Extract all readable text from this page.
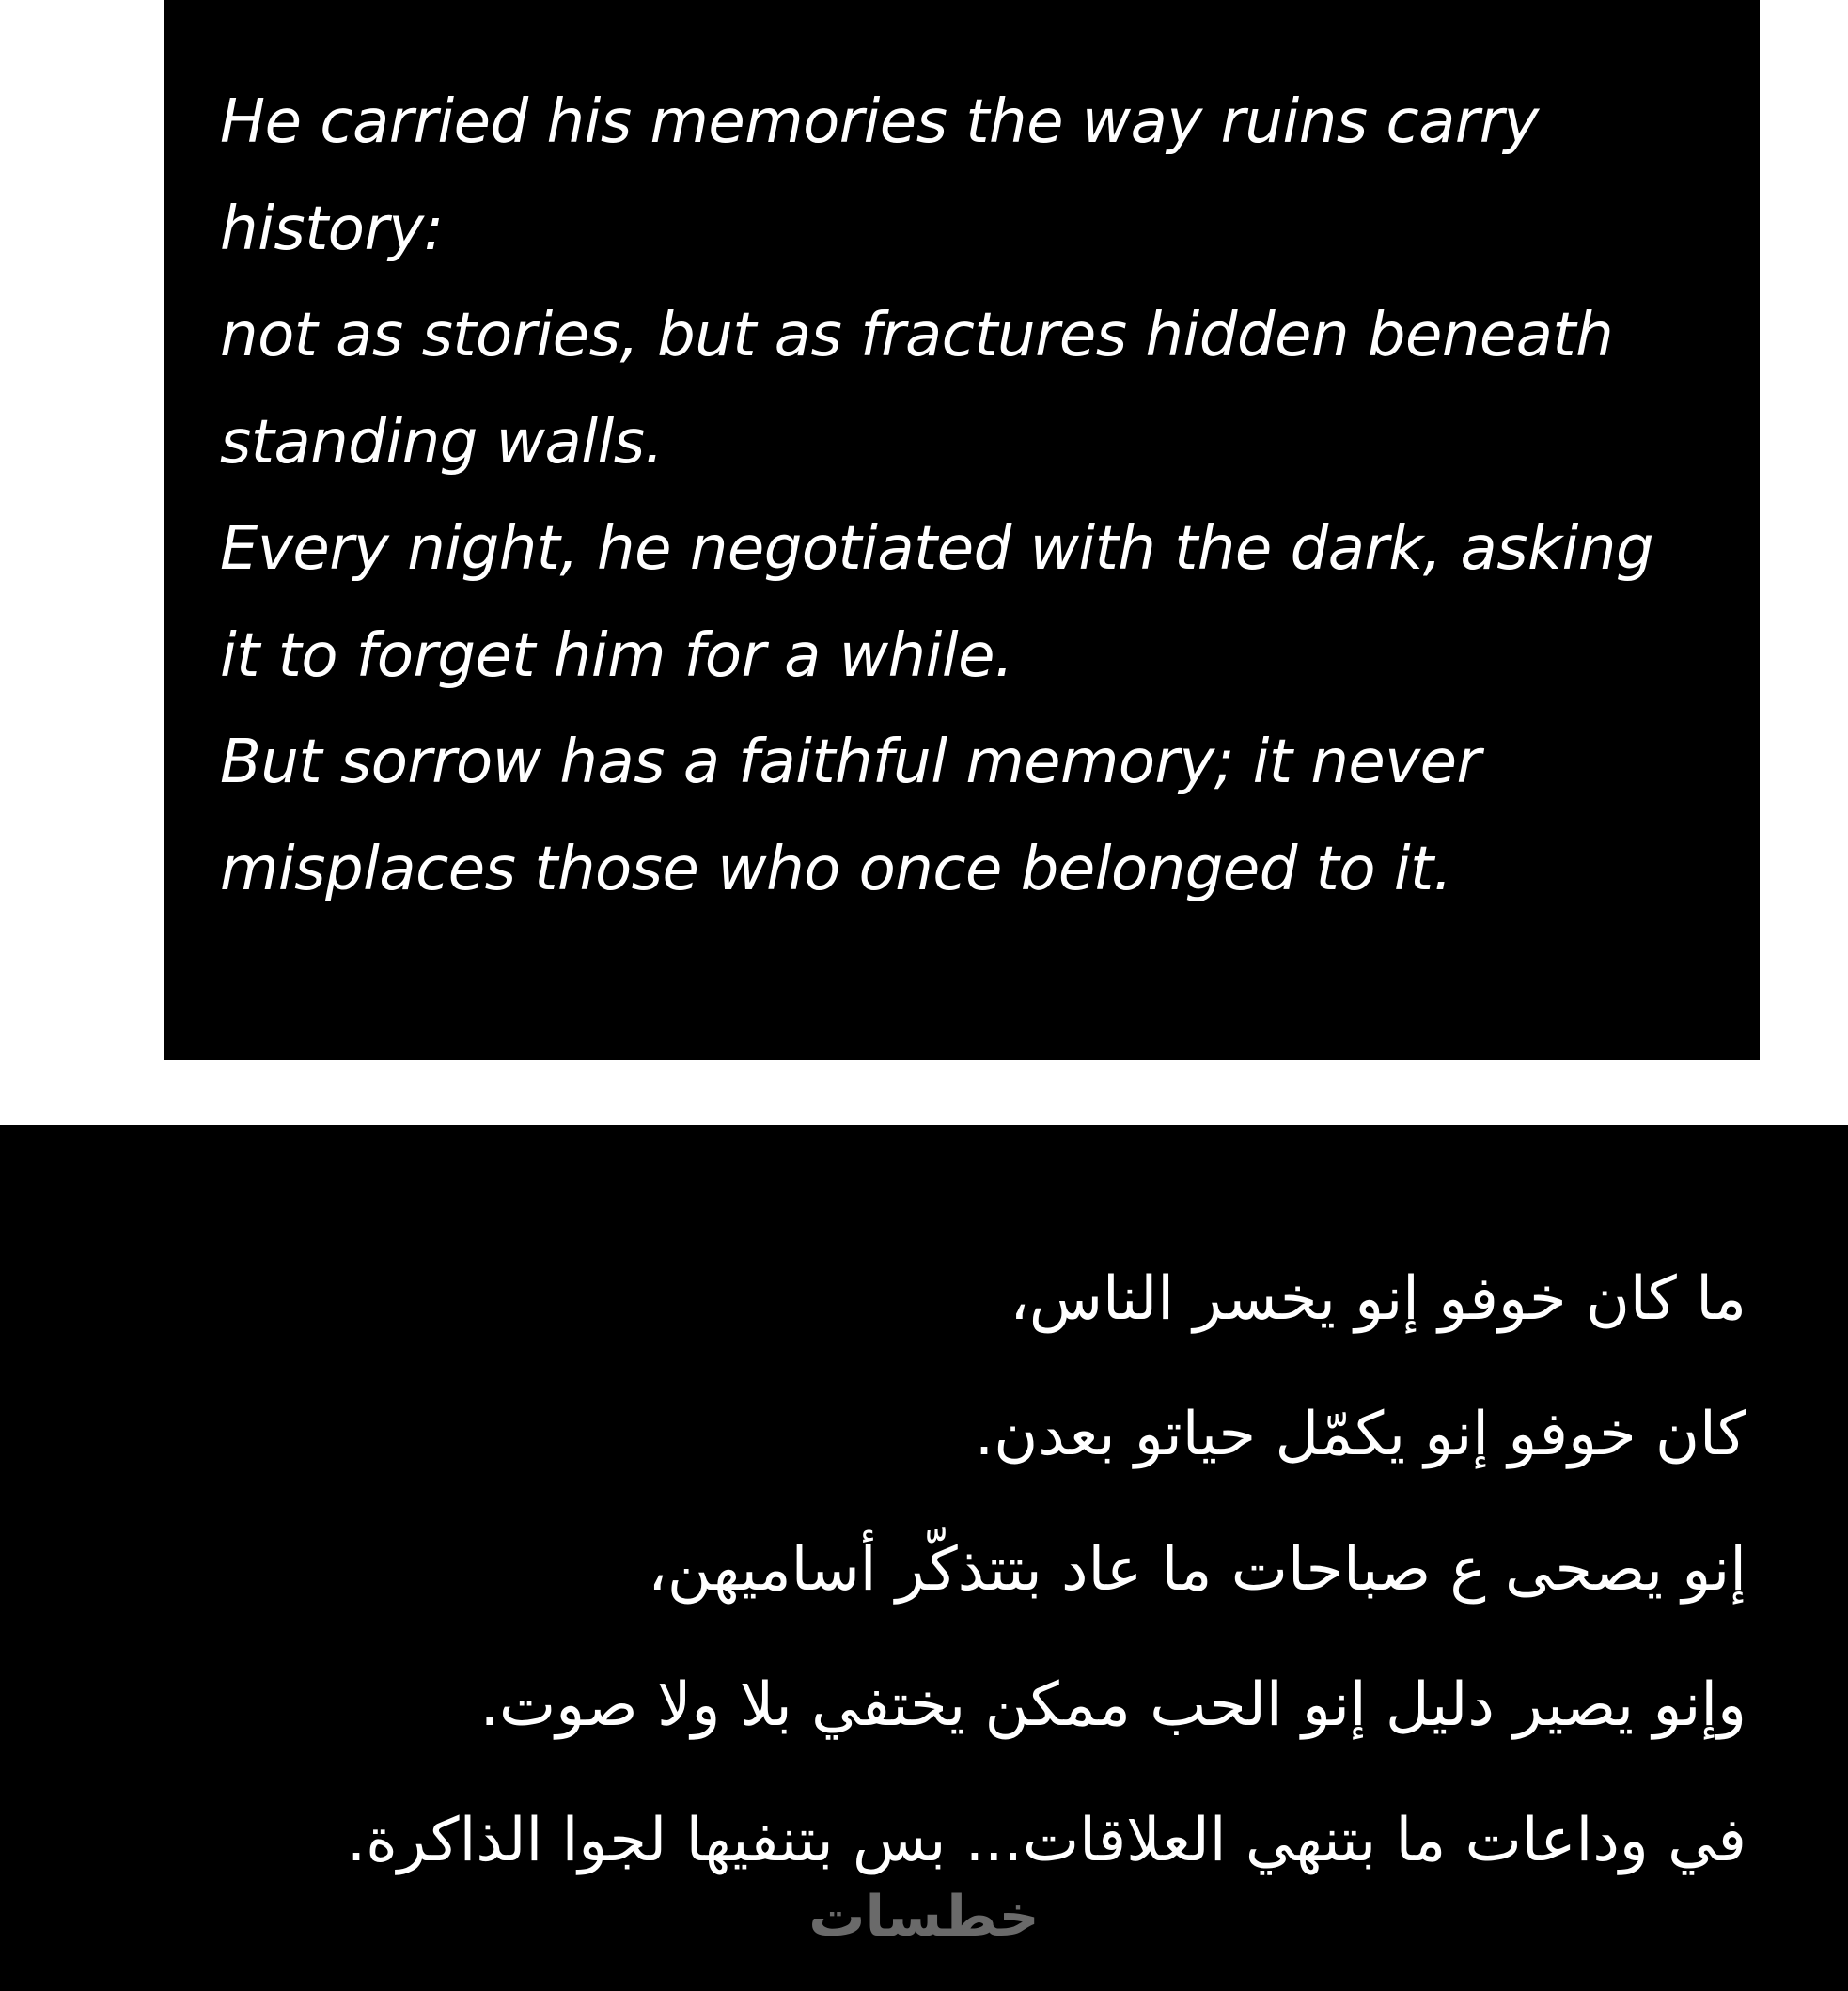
He carried his memories the way ruins carry
history:
not as stories, but as fractures hidden beneath
standing walls.
Every night, he negotiated with the dark, asking
it to forget him for a while.
But sorrow has a faithful memory; it never
misplaces those who once belonged to it.
ما كان خوفو إنو يخسر الناس،
كان خوفو إنو يكمّل حياتو بعدن.
إنو يصحى ع صباحات ما عاد بتتذكّر أساميهن،
وإنو يصير دليل إنو الحب ممكن يختفي بلا ولا صوت.
في وداعات ما بتنهي العلاقات... بس بتنفيها لجوا الذاكرة.
خطسات
